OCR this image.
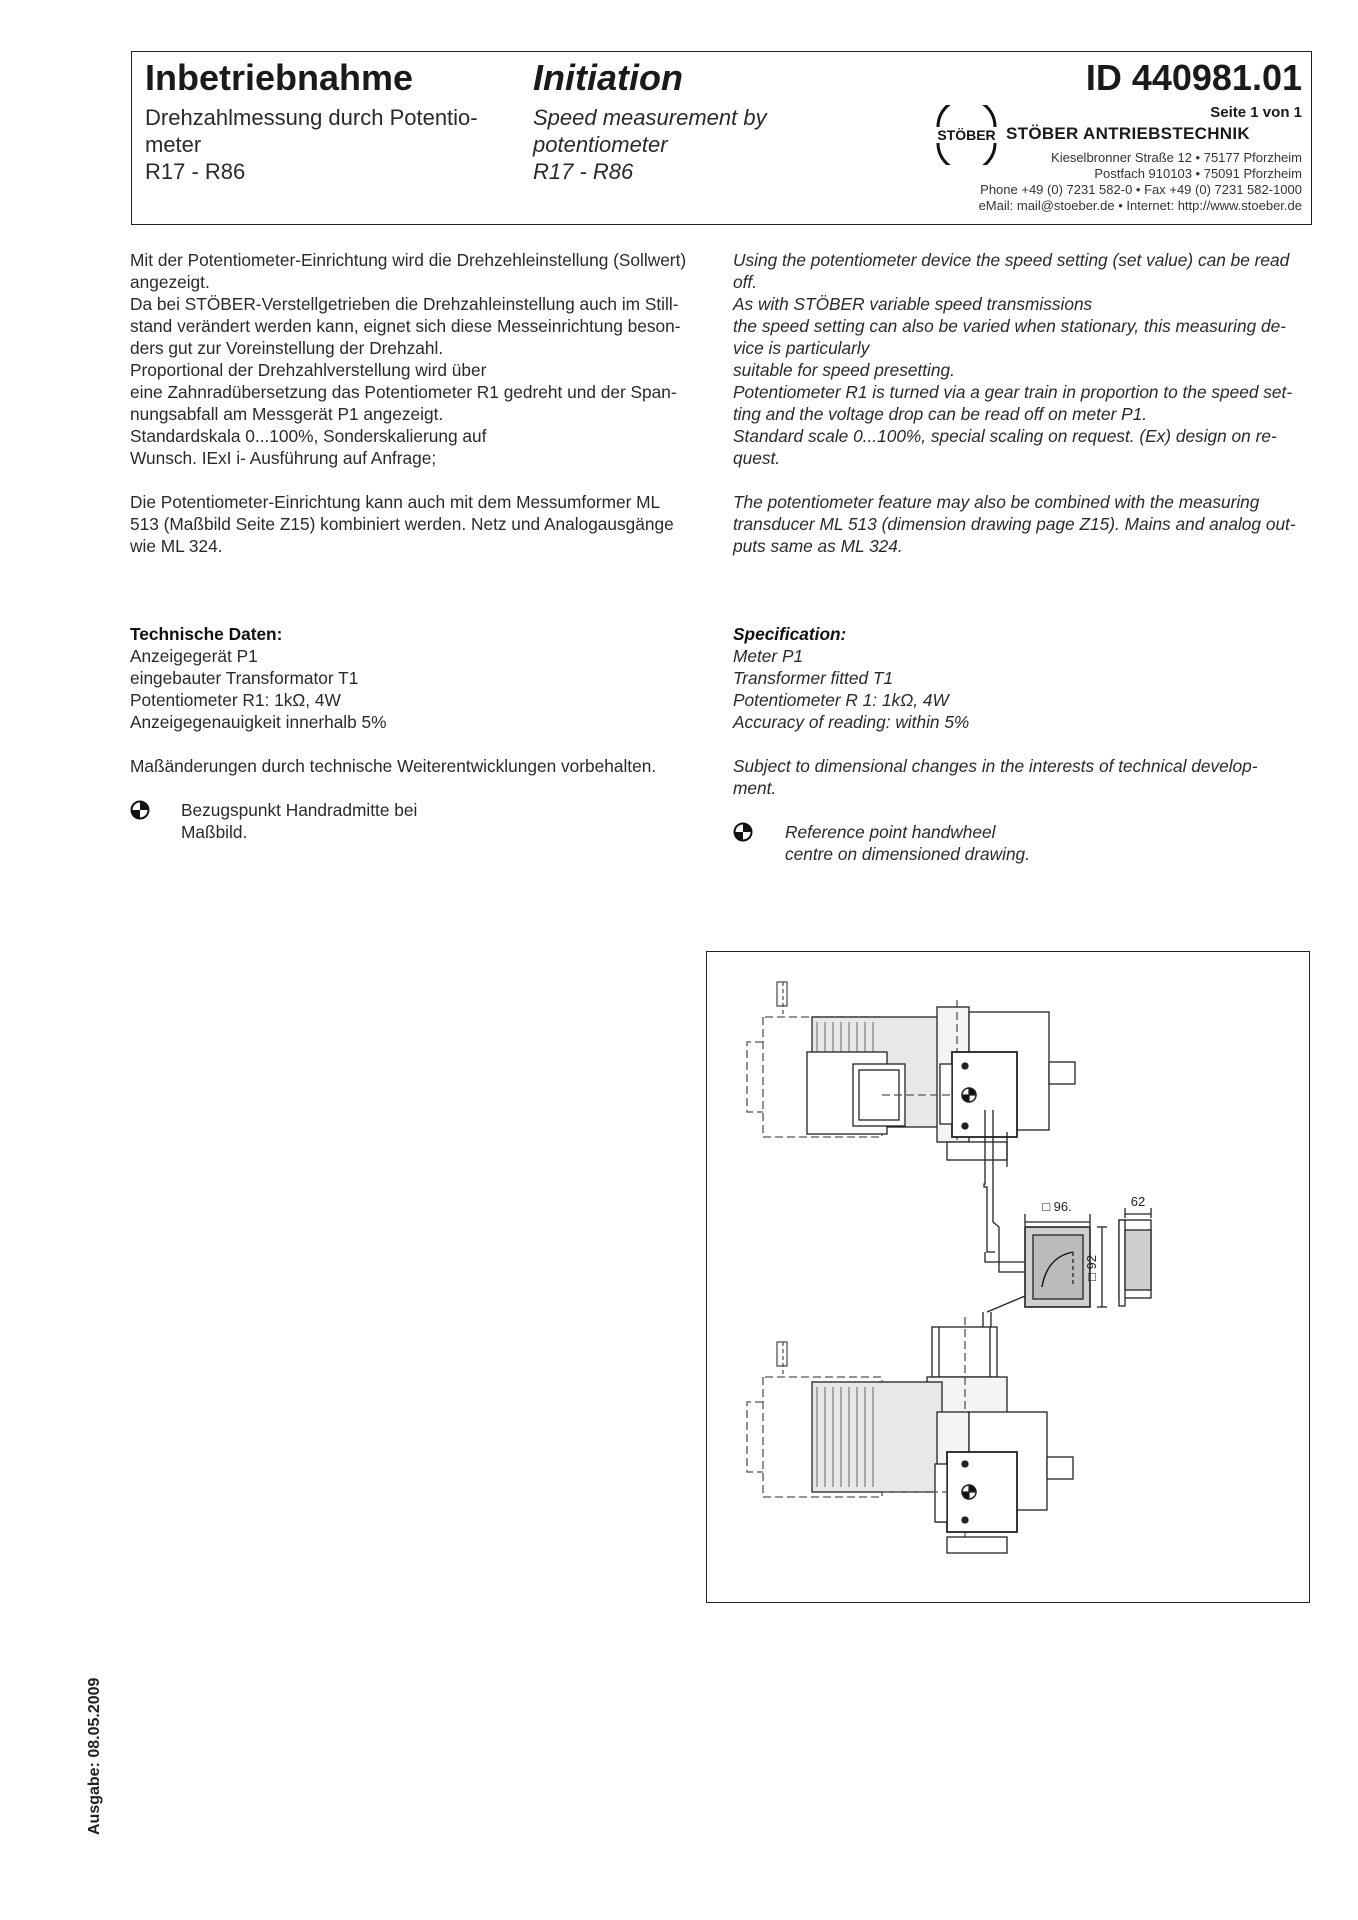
Inbetriebnahme	Initiation
Drehzahlmessung durch Potentio-
meter
R17 - R86
Speed measurement by
potentiometer
R17 - R86
ID 440981.01
Seite 1 von 1
STÖBER STÖBER ANTRIEBSTECHNIK
Kieselbronner Straße 12 • 75177 Pforzheim
Postfach 910103 • 75091 Pforzheim
Phone +49 (0) 7231 582-0 • Fax +49 (0) 7231 582-1000
eMail: mail@stoeber.de • Internet: http://www.stoeber.de
Mit der Potentiometer-Einrichtung wird die Drehzehleinstellung (Sollwert)
angezeigt.
Da bei STÖBER-Verstellgetrieben die Drehzahleinstellung auch im Still-
stand verändert werden kann, eignet sich diese Messeinrichtung beson-
ders gut zur Voreinstellung der Drehzahl.
Proportional der Drehzahlverstellung wird über
eine Zahnradübersetzung das Potentiometer R1 gedreht und der Span-
nungsabfall am Messgerät P1 angezeigt.
Standardskala 0...100%, Sonderskalierung auf
Wunsch. IExI i- Ausführung auf Anfrage;
Die Potentiometer-Einrichtung kann auch mit dem Messumformer ML
513 (Maßbild Seite Z15) kombiniert werden. Netz und Analogausgänge
wie ML 324.
Technische Daten:
Anzeigegerät P1
eingebauter Transformator T1
Potentiometer R1: 1kΩ, 4W
Anzeigegenauigkeit innerhalb 5%
Maßänderungen durch technische Weiterentwicklungen vorbehalten.
Bezugspunkt Handradmitte bei
Maßbild.
Using the potentiometer device the speed setting (set value) can be read
off.
As with STÖBER variable speed transmissions
the speed setting can also be varied when stationary, this measuring de-
vice is particularly
suitable for speed presetting.
Potentiometer R1 is turned via a gear train in proportion to the speed set-
ting and the voltage drop can be read off on meter P1.
Standard scale 0...100%, special scaling on request. (Ex) design on re-
quest.
The potentiometer feature may also be combined with the measuring
transducer ML 513 (dimension drawing page Z15). Mains and analog out-
puts same as ML 324.
Specification:
Meter P1
Transformer fitted T1
Potentiometer R 1: 1kΩ, 4W
Accuracy of reading: within 5%
Subject to dimensional changes in the interests of technical develop-
ment.
Reference point handwheel
centre on dimensioned drawing.
□ 96.	62
□ 92
Ausgabe: 08.05.2009
